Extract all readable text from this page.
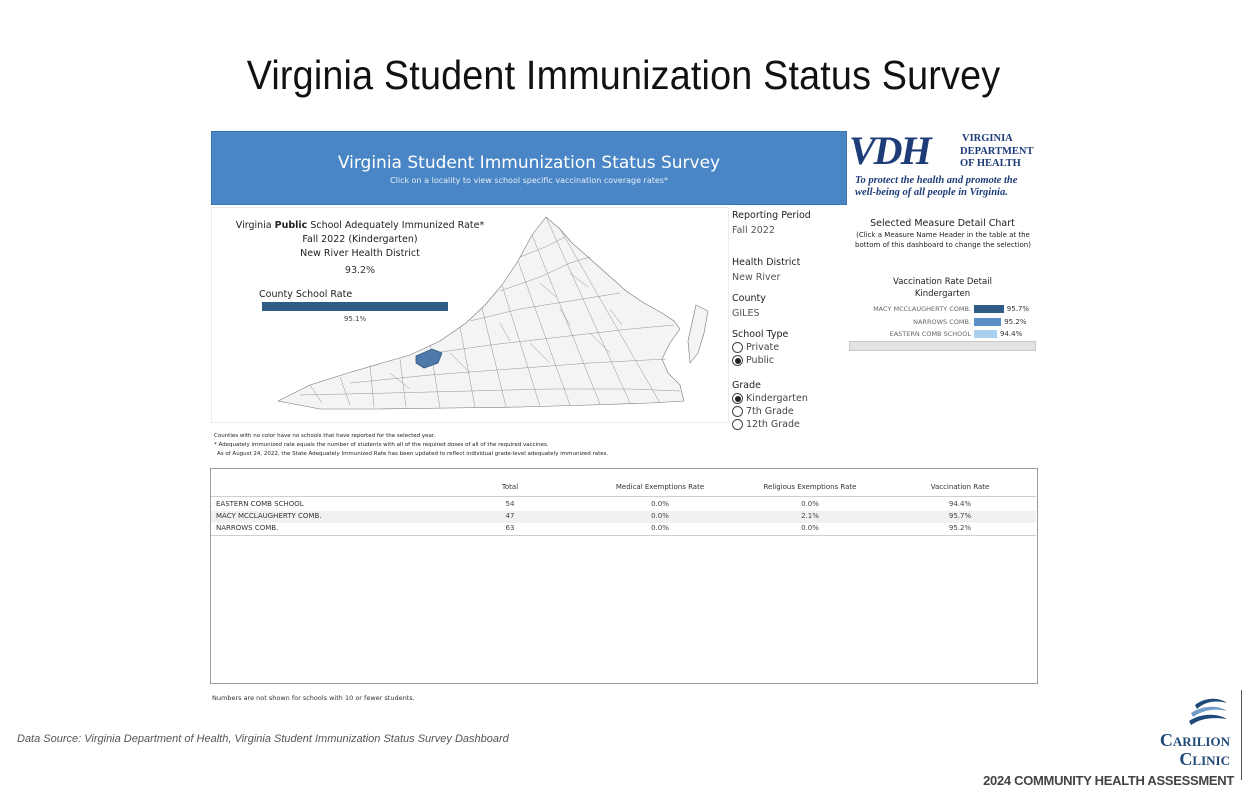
Virginia Student Immunization Status Survey
Virginia Student Immunization Status Survey
Click on a locality to view school specific vaccination coverage rates*
VDH	VIRGINIA
DEPARTMENT
OF HEALTH
To protect the health and promote the
well-being of all people in Virginia.
Virginia Public School Adequately Immunized Rate*
Fall 2022 (Kindergarten)
New River Health District
93.2%
County School Rate
95.1%
Reporting Period
Fall 2022
Health District
New River
County
GILES
School Type
Private
Public
Grade
Kindergarten
7th Grade
12th Grade
Selected Measure Detail Chart
(Click a Measure Name Header in the table at the bottom of this dashboard to change the selection)
Vaccination Rate Detail
Kindergarten
MACY MCCLAUGHERTY COMB.	95.7%
NARROWS COMB.	95.2%
EASTERN COMB SCHOOL	94.4%
Counties with no color have no schools that have reported for the selected year.
* Adequately immunized rate equals the number of students with all of the required doses of all of the required vaccines.
As of August 24, 2022, the State Adequately Immunized Rate has been updated to reflect individual grade-level adequately immunized rates.
Total	Medical Exemptions Rate	Religious Exemptions Rate	Vaccination Rate
EASTERN COMB SCHOOL	54	0.0%	0.0%	94.4%
MACY MCCLAUGHERTY COMB.	47	0.0%	2.1%	95.7%
NARROWS COMB.	63	0.0%	0.0%	95.2%
Numbers are not shown for schools with 10 or fewer students.
Data Source: Virginia Department of Health, Virginia Student Immunization Status Survey Dashboard	Carilion
Clinic
2024 COMMUNITY HEALTH ASSESSMENT
